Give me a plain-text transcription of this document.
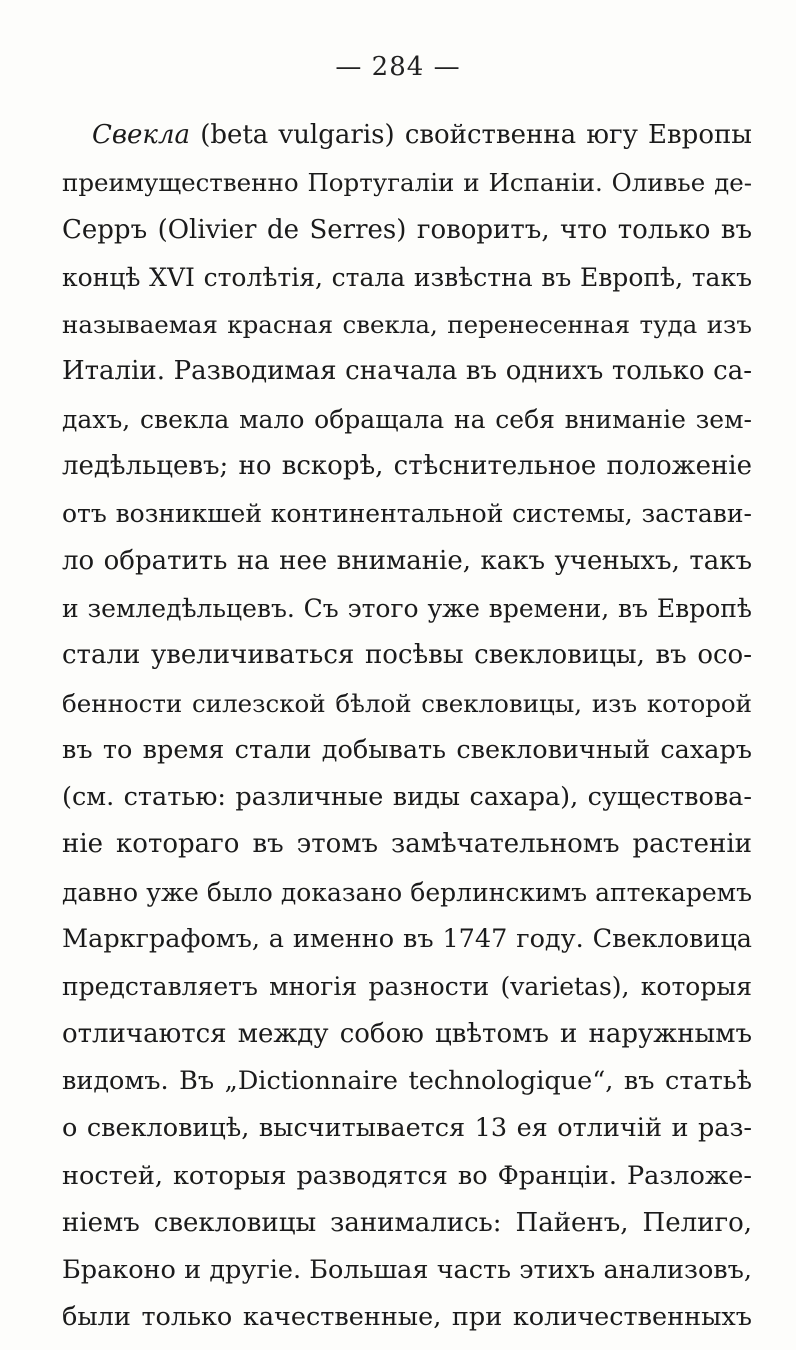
— 284 —
Свекла (beta vulgaris) свойственна югу Европы
преимущественно Португаліи и Испаніи. Оливье де-
Серръ (Olivier de Serres) говоритъ, что только въ
концѣ XVI столѣтія, стала извѣстна въ Европѣ, такъ
называемая красная свекла, перенесенная туда изъ
Италіи. Разводимая сначала въ однихъ только са-
дахъ, свекла мало обращала на себя вниманіе зем-
ледѣльцевъ; но вскорѣ, стѣснительное положеніе
отъ возникшей континентальной системы, застави-
ло обратить на нее вниманіе, какъ ученыхъ, такъ
и земледѣльцевъ. Съ этого уже времени, въ Европѣ
стали увеличиваться посѣвы свекловицы, въ осо-
бенности силезской бѣлой свекловицы, изъ которой
въ то время стали добывать свекловичный сахаръ
(см. статью: различные виды сахара), существова-
ніе котораго въ этомъ замѣчательномъ растеніи
давно уже было доказано берлинскимъ аптекаремъ
Маркграфомъ, а именно въ 1747 году. Свекловица
представляетъ многія разности (varietas), которыя
отличаются между собою цвѣтомъ и наружнымъ
видомъ. Въ „Dictionnaire technologique“, въ статьѣ
о свекловицѣ, высчитывается 13 ея отличій и раз-
ностей, которыя разводятся во Франціи. Разложе-
ніемъ свекловицы занимались: Пайенъ, Пелиго,
Браконо и другіе. Большая часть этихъ анализовъ,
были только качественные, при количественныхъ
